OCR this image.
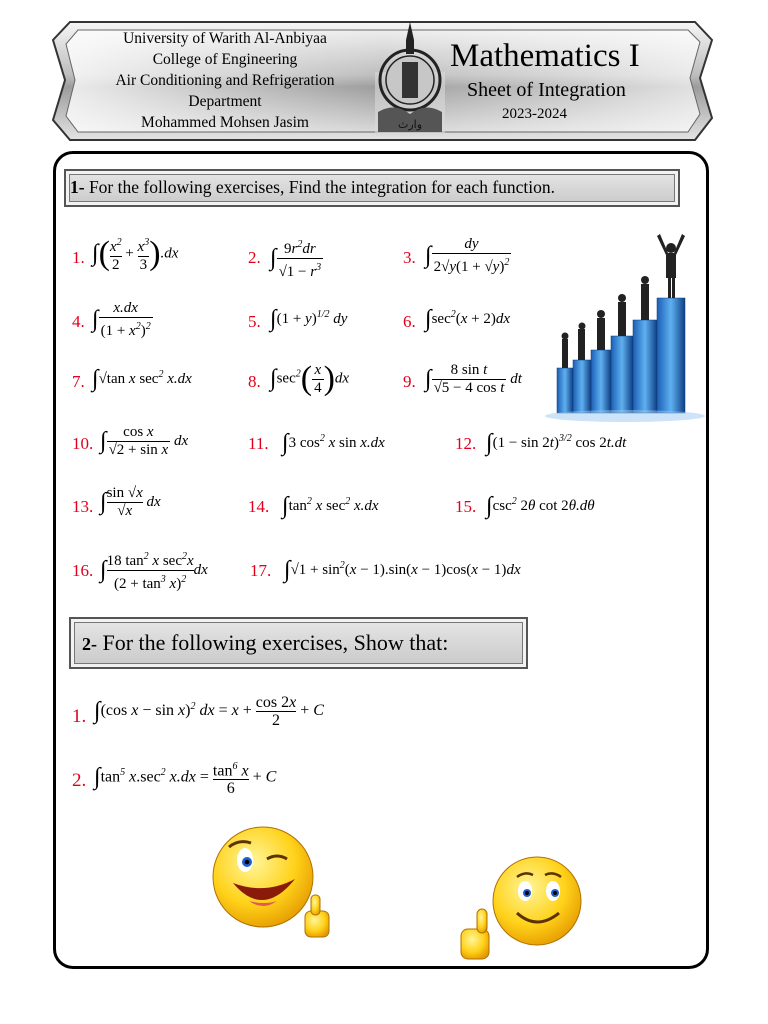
وارث
University of Warith Al-Anbiyaa
College of Engineering
Air Conditioning and Refrigeration
Department
Mohammed Mohsen Jasim
Mathematics I
Sheet of Integration
2023-2024
1- For the following exercises, Find the integration for each function.
1. ∫( $\frac{x^2}{2} + \frac{x^3}{3} ).dx$	2. ∫ $\frac{9r^2dr}{√1 - r^3}$	3. ∫ $\frac{dy}{2√y(1 + √y)^2}$
4. ∫ $\frac{x.dx}{(1 + x^2)^2}$	5. $\int(1 + y)^{1/2}$ dy	6. $\int\sec^2(x + 2)dx$
7. ∫√tan x $\sec^2 x.dx$	8. $\int\sec^2( \frac{x}{4} )dx$	9. ∫ $\frac{\text{8 sin t}}{\text{√5 − 4 cos t}}$ dt
10. ∫ $\frac{\text{cos x}}{\text{√2 + sin x}}$ dx	11. ∫3 $\cos^2 x$ sin x.dx	12. $\int(1 - \sin 2t)^{3/2}$ cos 2t.dt
13. ∫ $\frac{\sin √x}{√x}$ dx	14. $\int\tan^2$ x $\sec^2 x.dx$	15. $\int\csc^2$ 2θ cot 2θ.dθ
16. ∫ $\frac{18 \tan^2 x \sec^2x}{(2 + \tan^3 x)^2}$ dx 17. $\int√1 + \sin^2(x - 1).\sin(x - 1)\cos(x - 1)dx$
2- For the following exercises, Show that:
1. ∫(cos x − sin x)$^2$ dx = $x + \frac{\cos 2x}{2} + C$
2. $\int\tan^5$ $x.\sec^2$ $x.dx = \frac{\tan^6 x}{6} + C$
